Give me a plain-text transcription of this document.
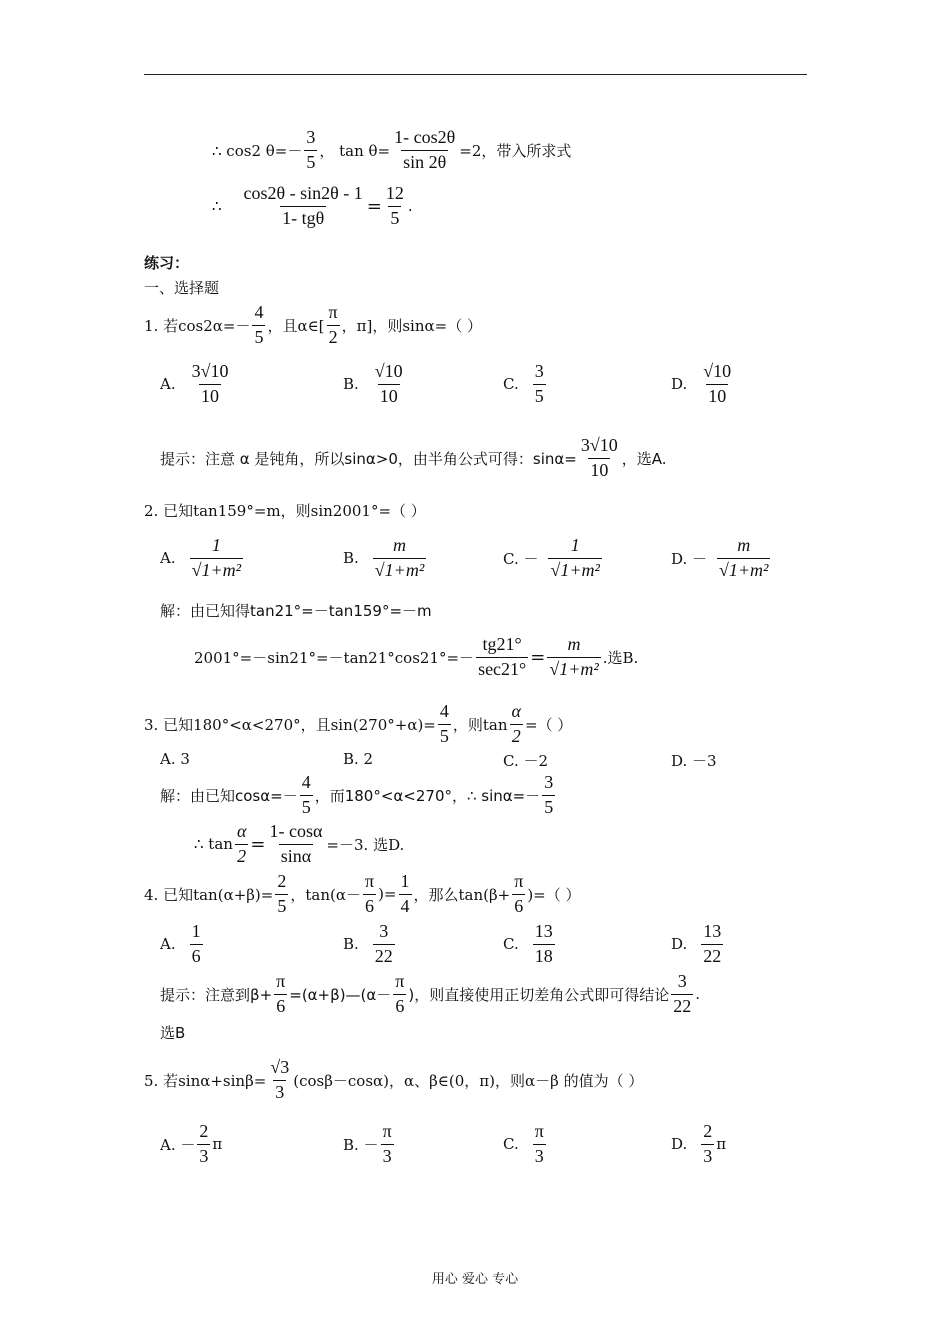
∴ cos2 $\theta=- \frac{3}{5}$ ， $\tan \theta= \frac{1- \cos 2\theta}{\sin 2\theta} =2$，带入所求式
∴ $\frac{\cos 2\theta - \sin 2\theta - 1}{\text{1- tgθ}} = \frac{12}{5}$ .
练习：
一、选择题
1. 若$\cos 2\alpha=- \frac{4}{5}$ ，且α∈[ $\frac{\pi}{2}$ ，π]，则sinα=（ ）
A. $\frac{3√10}{10}$	B. $\frac{√10}{10}$	C. $\frac{3}{5}$	D. $\frac{√10}{10}$
提示：注意 α 是钝角，所以sinα>0，由半角公式可得：$\sin\alpha= \frac{3√10}{10}$ ，选A.
2. 已知tan159°=m，则sin2001°=（ ）
A. $\frac{1}{\text{√1+m²}}$	B. $\frac{m}{\text{√1+m²}}$	C. － $\frac{1}{\text{√1+m²}}$	D. － $\frac{m}{\text{√1+m²}}$
解：由已知得tan21°=－tan159°=－m
$2001^\circ=-\sin 21^\circ=-\tan 21^\circ\cos 21^\circ=- \frac{tg21^\circ}{\sec 21^\circ} = \frac{m}{\text{√1+m²}}$ .选B.
3. 已知180°<α<270°，且$\sin(270^\circ+\alpha)= \frac{4}{5}$ ，则$\tan \frac{\alpha}{2}$ =（ ）
A. 3	B. 2	C. －2	D. －3
解：由已知$\cos\alpha=- \frac{4}{5}$ ，而180°<α<270°，∴ $\sin\alpha=- \frac{3}{5}$
∴ $\tan \frac{\alpha}{2} = \frac{1- \cos\alpha}{\sin\alpha} =-3$. 选D.
4. 已知$\tan(\alpha+\beta)= \frac{2}{5}$ ，$\tan(\alpha- \frac{\pi}{6}$ )= $\frac{1}{4}$ ，那么$\tan(\beta+ \frac{\pi}{6}$ )=（ ）
A. $\frac{1}{6}$	B. $\frac{3}{22}$	C. $\frac{13}{18}$	D. $\frac{13}{22}$
提示：注意到$\beta+ \frac{\pi}{6}$ =(α+β)—(α－ $\frac{\pi}{6}$ )，则直接使用正切差角公式即可得结论 $\frac{3}{22}$ .
选B
5. 若$\sin\alpha+\sin\beta= \frac{√3}{3} (\cos\beta-\cos\alpha)$，α、β∈(0，π)，则α－β 的值为（ ）
A. － $\frac{2}{3}$ π	B. － $\frac{\pi}{3}$	C. $\frac{\pi}{3}$	D. $\frac{2}{3}$ π
用心 爱心 专心
